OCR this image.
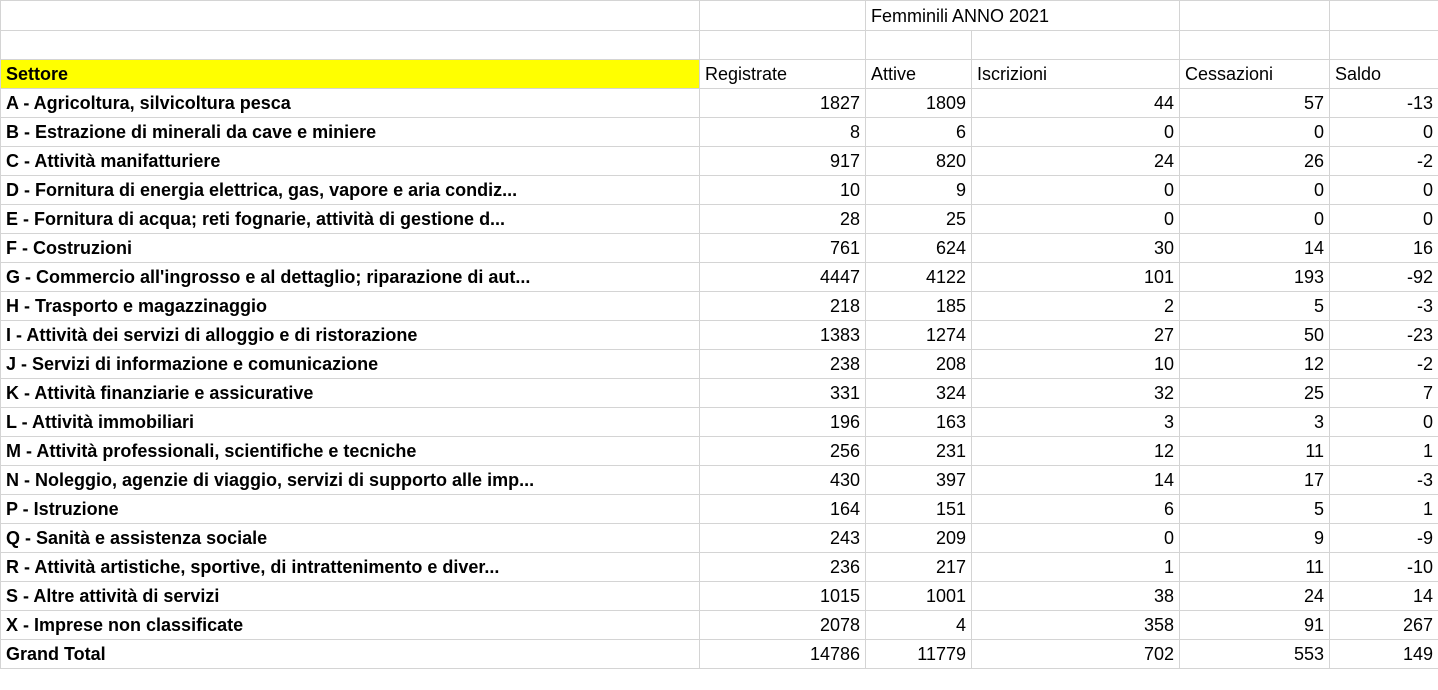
		Femminili ANNO 2021			

Settore	Registrate	Attive	Iscrizioni	Cessazioni	Saldo
A - Agricoltura, silvicoltura pesca	1827	1809	44	57	-13
B - Estrazione di minerali da cave e miniere	8	6	0	0	0
C - Attività manifatturiere	917	820	24	26	-2
D - Fornitura di energia elettrica, gas, vapore e aria condiz...	10	9	0	0	0
E - Fornitura di acqua; reti fognarie, attività di gestione d...	28	25	0	0	0
F - Costruzioni	761	624	30	14	16
G - Commercio all'ingrosso e al dettaglio; riparazione di aut...	4447	4122	101	193	-92
H - Trasporto e magazzinaggio	218	185	2	5	-3
I - Attività dei servizi di alloggio e di ristorazione	1383	1274	27	50	-23
J - Servizi di informazione e comunicazione	238	208	10	12	-2
K - Attività finanziarie e assicurative	331	324	32	25	7
L - Attività immobiliari	196	163	3	3	0
M - Attività professionali, scientifiche e tecniche	256	231	12	11	1
N - Noleggio, agenzie di viaggio, servizi di supporto alle imp...	430	397	14	17	-3
P - Istruzione	164	151	6	5	1
Q - Sanità e assistenza sociale	243	209	0	9	-9
R - Attività artistiche, sportive, di intrattenimento e diver...	236	217	1	11	-10
S - Altre attività di servizi	1015	1001	38	24	14
X - Imprese non classificate	2078	4	358	91	267
Grand Total	14786	11779	702	553	149
